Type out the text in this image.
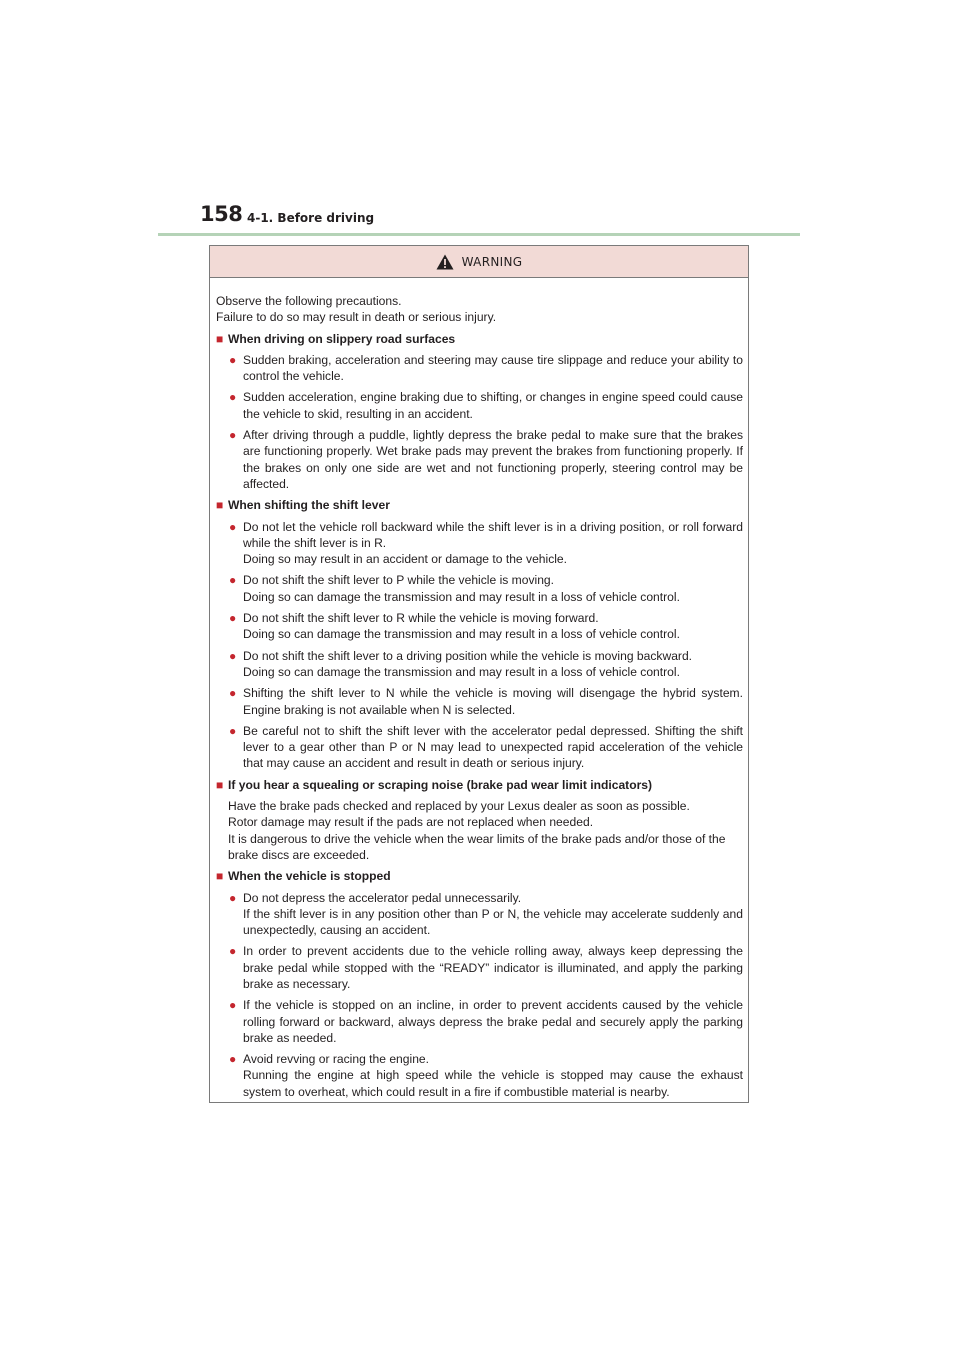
158 4-1. Before driving
WARNING

Observe the following precautions.

Failure to do so may result in death or serious injury.

■ When driving on slippery road surfaces
● Sudden braking, acceleration and steering may cause tire slippage and reduce your ability to control the vehicle.
● Sudden acceleration, engine braking due to shifting, or changes in engine speed could cause the vehicle to skid, resulting in an accident.
● After driving through a puddle, lightly depress the brake pedal to make sure that the brakes are functioning properly. Wet brake pads may prevent the brakes from functioning properly. If the brakes on only one side are wet and not functioning properly, steering control may be affected.
■ When shifting the shift lever
● Do not let the vehicle roll backward while the shift lever is in a driving position, or roll forward while the shift lever is in R.
Doing so may result in an accident or damage to the vehicle.
● Do not shift the shift lever to P while the vehicle is moving.
Doing so can damage the transmission and may result in a loss of vehicle control.
● Do not shift the shift lever to R while the vehicle is moving forward.
Doing so can damage the transmission and may result in a loss of vehicle control.
● Do not shift the shift lever to a driving position while the vehicle is moving backward.
Doing so can damage the transmission and may result in a loss of vehicle control.
● Shifting the shift lever to N while the vehicle is moving will disengage the hybrid system. Engine braking is not available when N is selected.
● Be careful not to shift the shift lever with the accelerator pedal depressed. Shifting the shift lever to a gear other than P or N may lead to unexpected rapid acceleration of the vehicle that may cause an accident and result in death or serious injury.
■ If you hear a squealing or scraping noise (brake pad wear limit indicators)

Have the brake pads checked and replaced by your Lexus dealer as soon as possible.

Rotor damage may result if the pads are not replaced when needed.

It is dangerous to drive the vehicle when the wear limits of the brake pads and/or those of the brake discs are exceeded.

■ When the vehicle is stopped
● Do not depress the accelerator pedal unnecessarily.
If the shift lever is in any position other than P or N, the vehicle may accelerate suddenly and unexpectedly, causing an accident.
● In order to prevent accidents due to the vehicle rolling away, always keep depressing the brake pedal while stopped with the “READY” indicator is illuminated, and apply the parking brake as necessary.
● If the vehicle is stopped on an incline, in order to prevent accidents caused by the vehicle rolling forward or backward, always depress the brake pedal and securely apply the parking brake as needed.
● Avoid revving or racing the engine.
Running the engine at high speed while the vehicle is stopped may cause the exhaust system to overheat, which could result in a fire if combustible material is nearby.
